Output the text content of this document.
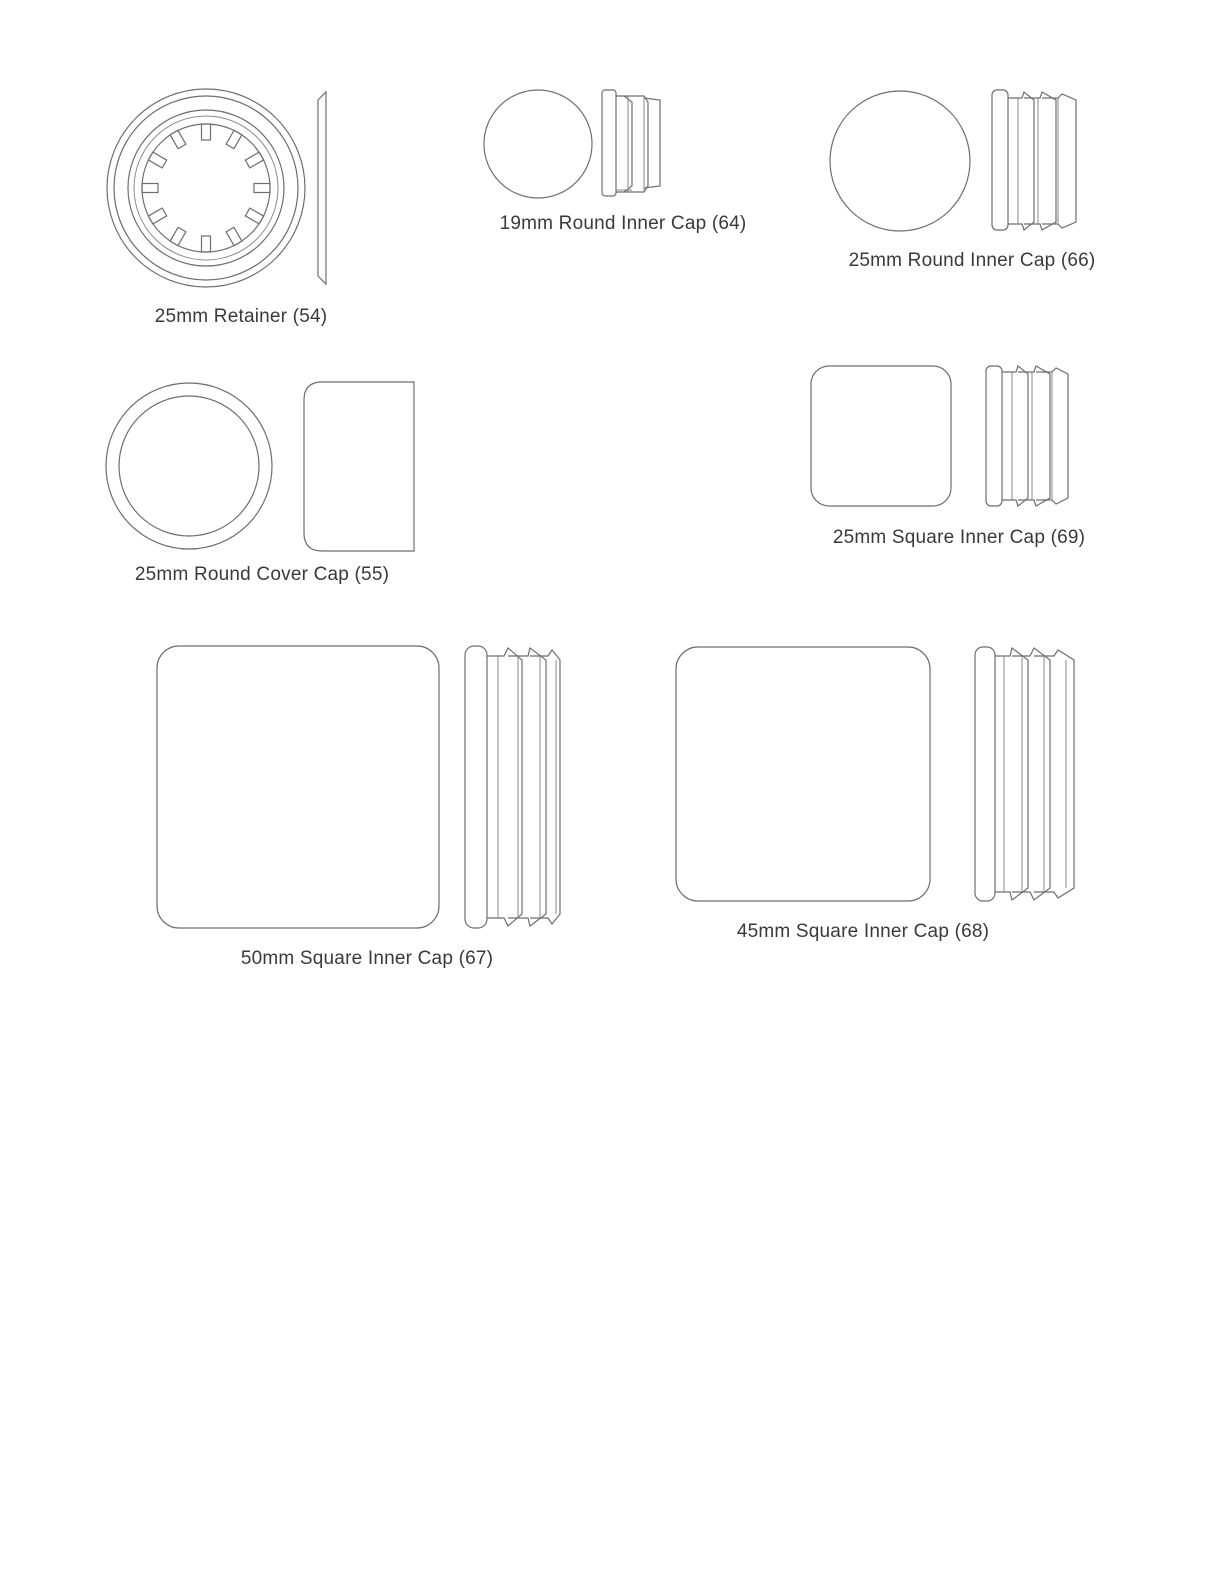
25mm Retainer (54)
19mm Round Inner Cap (64)
25mm Round Inner Cap (66)
25mm Round Cover Cap (55)
25mm Square Inner Cap (69)
50mm Square Inner Cap (67)
45mm Square Inner Cap (68)
